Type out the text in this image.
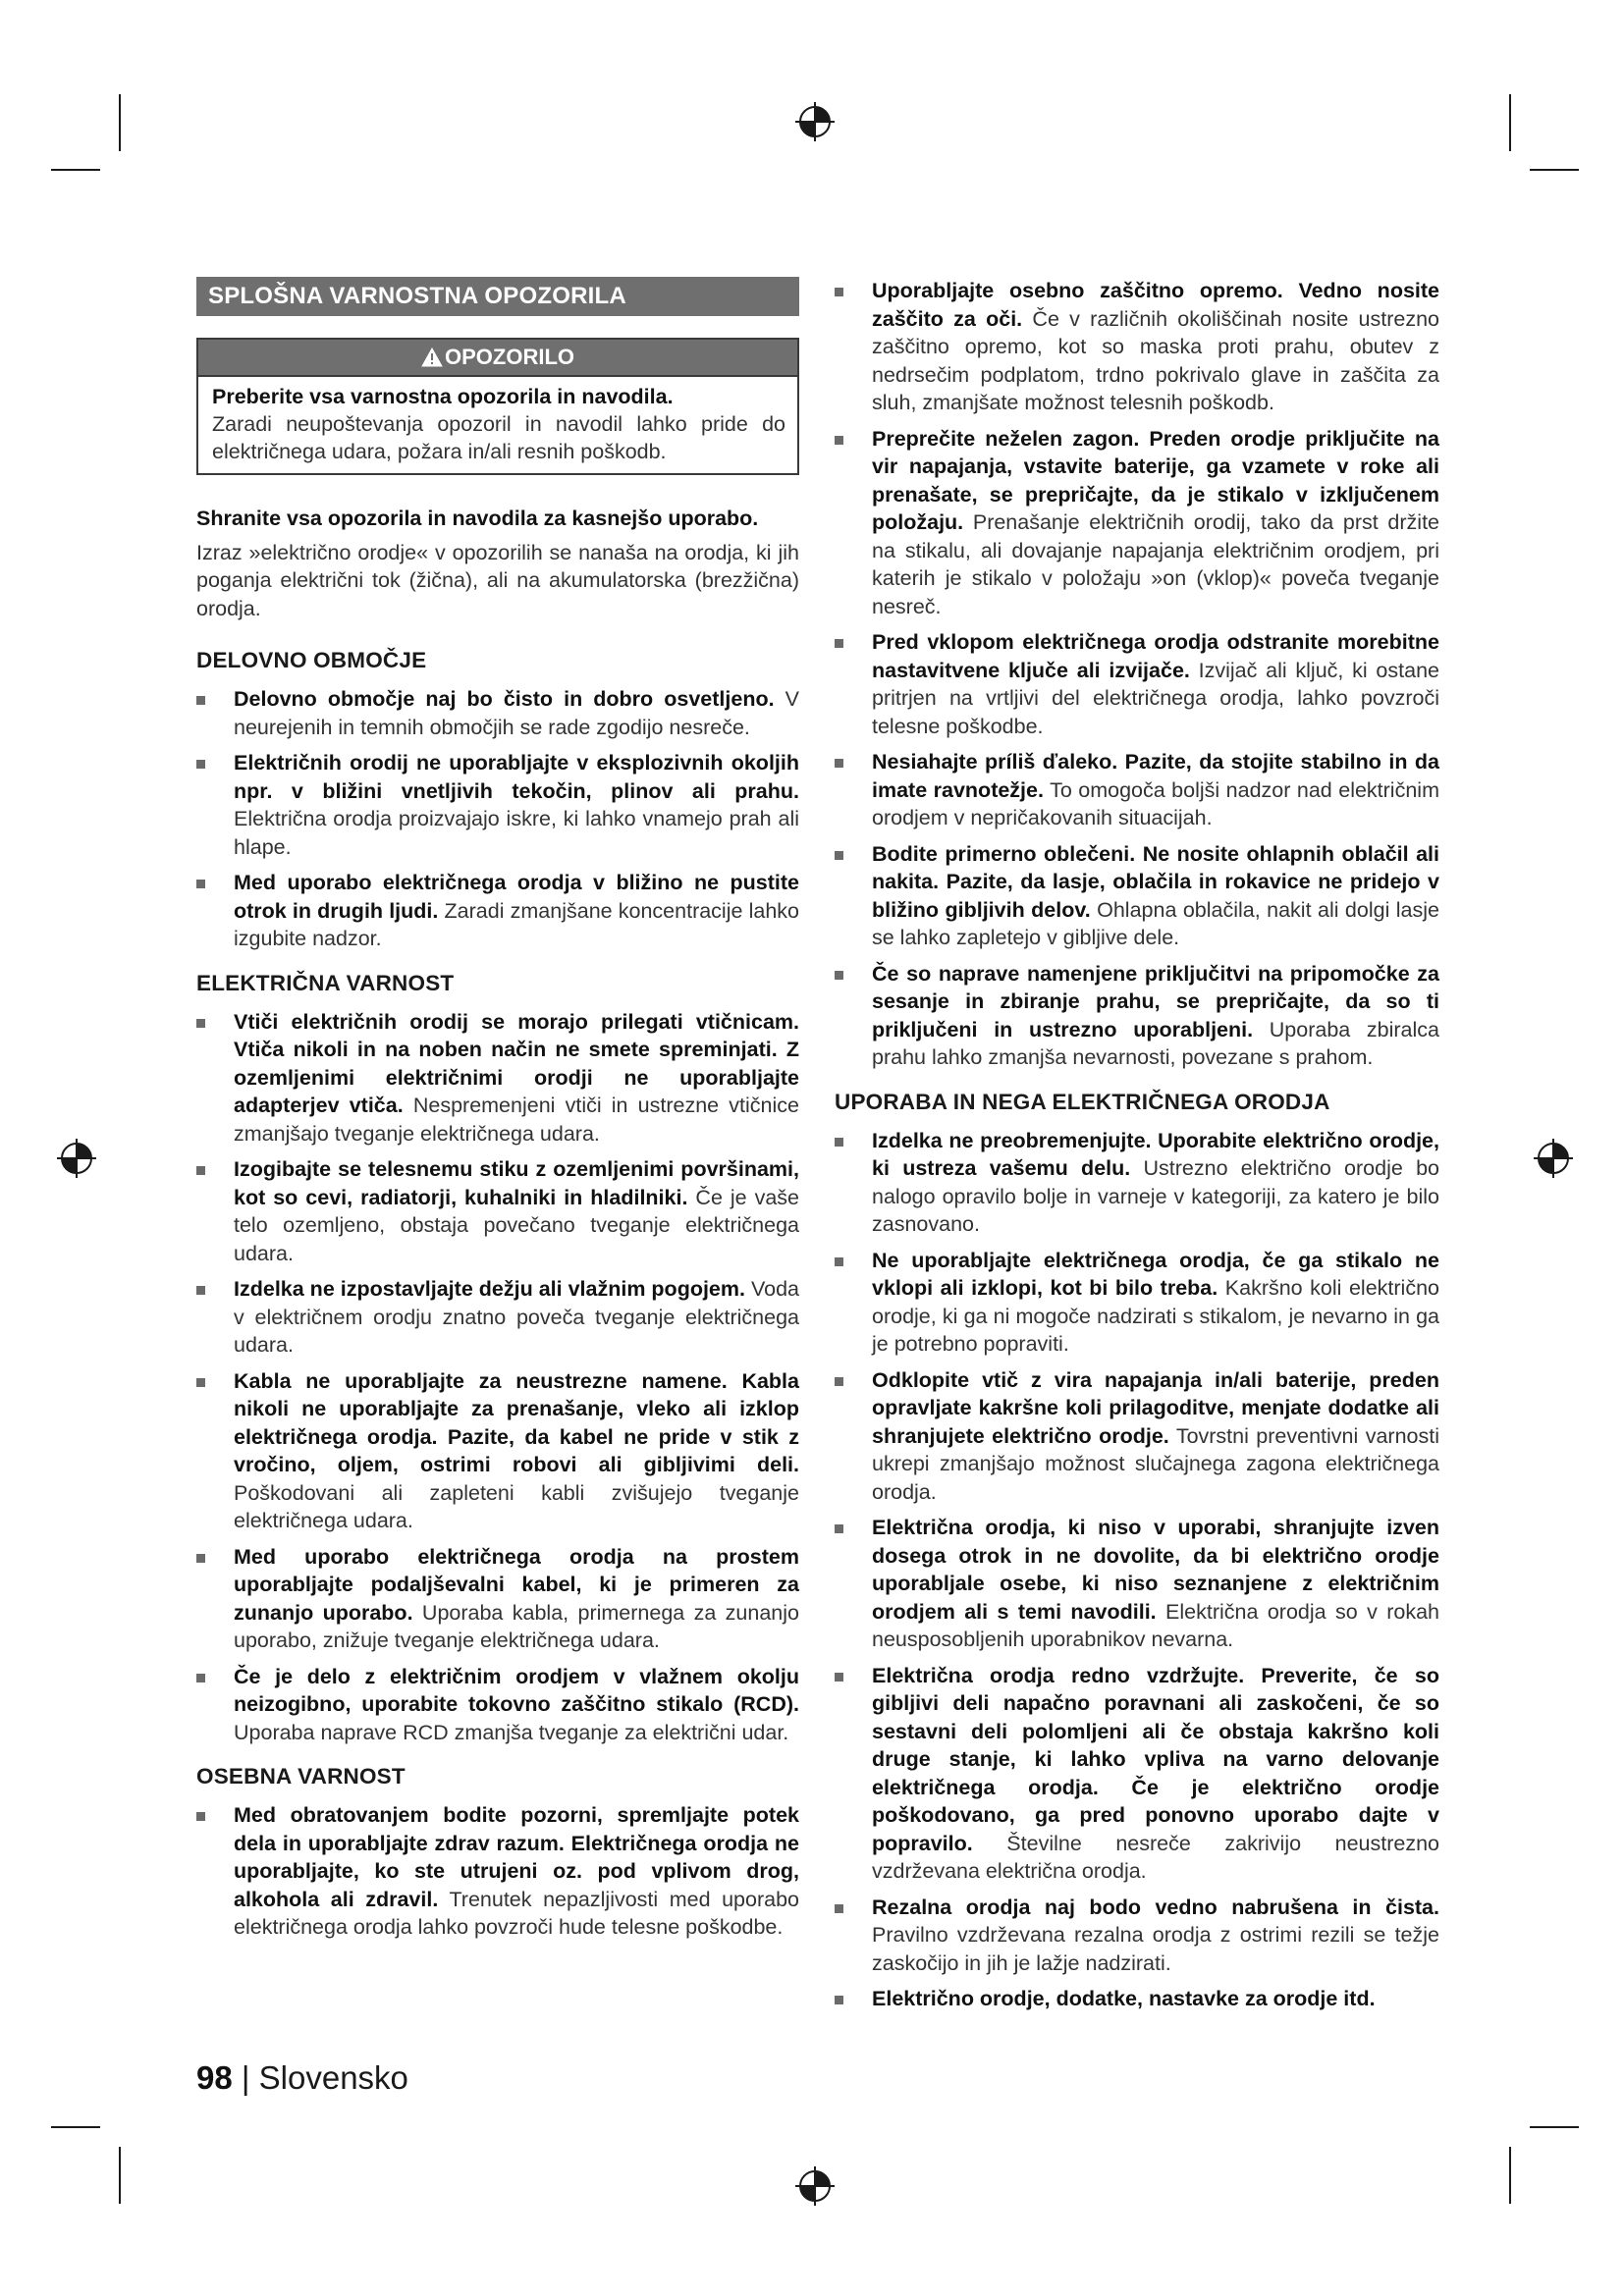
SPLOŠNA VARNOSTNA OPOZORILA
OPOZORILO

Preberite vsa varnostna opozorila in navodila.

Zaradi neupoštevanja opozoril in navodil lahko pride do električnega udara, požara in/ali resnih poškodb.

Shranite vsa opozorila in navodila za kasnejšo uporabo.

Izraz »električno orodje« v opozorilih se nanaša na orodja, ki jih poganja električni tok (žična), ali na akumulatorska (brezžična) orodja.

DELOVNO OBMOČJE
Delovno območje naj bo čisto in dobro osvetljeno. V neurejenih in temnih območjih se rade zgodijo nesreče.
Električnih orodij ne uporabljajte v eksplozivnih okoljih npr. v bližini vnetljivih tekočin, plinov ali prahu. Električna orodja proizvajajo iskre, ki lahko vnamejo prah ali hlape.
Med uporabo električnega orodja v bližino ne pustite otrok in drugih ljudi. Zaradi zmanjšane koncentracije lahko izgubite nadzor.
ELEKTRIČNA VARNOST
Vtiči električnih orodij se morajo prilegati vtičnicam. Vtiča nikoli in na noben način ne smete spreminjati. Z ozemljenimi električnimi orodji ne uporabljajte adapterjev vtiča. Nespremenjeni vtiči in ustrezne vtičnice zmanjšajo tveganje električnega udara.
Izogibajte se telesnemu stiku z ozemljenimi površinami, kot so cevi, radiatorji, kuhalniki in hladilniki. Če je vaše telo ozemljeno, obstaja povečano tveganje električnega udara.
Izdelka ne izpostavljajte dežju ali vlažnim pogojem. Voda v električnem orodju znatno poveča tveganje električnega udara.
Kabla ne uporabljajte za neustrezne namene. Kabla nikoli ne uporabljajte za prenašanje, vleko ali izklop električnega orodja. Pazite, da kabel ne pride v stik z vročino, oljem, ostrimi robovi ali gibljivimi deli. Poškodovani ali zapleteni kabli zvišujejo tveganje električnega udara.
Med uporabo električnega orodja na prostem uporabljajte podaljševalni kabel, ki je primeren za zunanjo uporabo. Uporaba kabla, primernega za zunanjo uporabo, znižuje tveganje električnega udara.
Če je delo z električnim orodjem v vlažnem okolju neizogibno, uporabite tokovno zaščitno stikalo (RCD). Uporaba naprave RCD zmanjša tveganje za električni udar.
OSEBNA VARNOST
Med obratovanjem bodite pozorni, spremljajte potek dela in uporabljajte zdrav razum. Električnega orodja ne uporabljajte, ko ste utrujeni oz. pod vplivom drog, alkohola ali zdravil. Trenutek nepazljivosti med uporabo električnega orodja lahko povzroči hude telesne poškodbe.
Uporabljajte osebno zaščitno opremo. Vedno nosite zaščito za oči. Če v različnih okoliščinah nosite ustrezno zaščitno opremo, kot so maska proti prahu, obutev z nedrsečim podplatom, trdno pokrivalo glave in zaščita za sluh, zmanjšate možnost telesnih poškodb.
Preprečite neželen zagon. Preden orodje priključite na vir napajanja, vstavite baterije, ga vzamete v roke ali prenašate, se prepričajte, da je stikalo v izključenem položaju. Prenašanje električnih orodij, tako da prst držite na stikalu, ali dovajanje napajanja električnim orodjem, pri katerih je stikalo v položaju »on (vklop)« poveča tveganje nesreč.
Pred vklopom električnega orodja odstranite morebitne nastavitvene ključe ali izvijače. Izvijač ali ključ, ki ostane pritrjen na vrtljivi del električnega orodja, lahko povzroči telesne poškodbe.
Nesiahajte príliš ďaleko. Pazite, da stojite stabilno in da imate ravnotežje. To omogoča boljši nadzor nad električnim orodjem v nepričakovanih situacijah.
Bodite primerno oblečeni. Ne nosite ohlapnih oblačil ali nakita. Pazite, da lasje, oblačila in rokavice ne pridejo v bližino gibljivih delov. Ohlapna oblačila, nakit ali dolgi lasje se lahko zapletejo v gibljive dele.
Če so naprave namenjene priključitvi na pripomočke za sesanje in zbiranje prahu, se prepričajte, da so ti priključeni in ustrezno uporabljeni. Uporaba zbiralca prahu lahko zmanjša nevarnosti, povezane s prahom.
UPORABA IN NEGA ELEKTRIČNEGA ORODJA
Izdelka ne preobremenjujte. Uporabite električno orodje, ki ustreza vašemu delu. Ustrezno električno orodje bo nalogo opravilo bolje in varneje v kategoriji, za katero je bilo zasnovano.
Ne uporabljajte električnega orodja, če ga stikalo ne vklopi ali izklopi, kot bi bilo treba. Kakršno koli električno orodje, ki ga ni mogoče nadzirati s stikalom, je nevarno in ga je potrebno popraviti.
Odklopite vtič z vira napajanja in/ali baterije, preden opravljate kakršne koli prilagoditve, menjate dodatke ali shranjujete električno orodje. Tovrstni preventivni varnosti ukrepi zmanjšajo možnost slučajnega zagona električnega orodja.
Električna orodja, ki niso v uporabi, shranjujte izven dosega otrok in ne dovolite, da bi električno orodje uporabljale osebe, ki niso seznanjene z električnim orodjem ali s temi navodili. Električna orodja so v rokah neusposobljenih uporabnikov nevarna.
Električna orodja redno vzdržujte. Preverite, če so gibljivi deli napačno poravnani ali zaskočeni, če so sestavni deli polomljeni ali če obstaja kakršno koli druge stanje, ki lahko vpliva na varno delovanje električnega orodja. Če je električno orodje poškodovano, ga pred ponovno uporabo dajte v popravilo. Številne nesreče zakrivijo neustrezno vzdrževana električna orodja.
Rezalna orodja naj bodo vedno nabrušena in čista. Pravilno vzdrževana rezalna orodja z ostrimi rezili se težje zaskočijo in jih je lažje nadzirati.
Električno orodje, dodatke, nastavke za orodje itd.
98 | Slovensko
